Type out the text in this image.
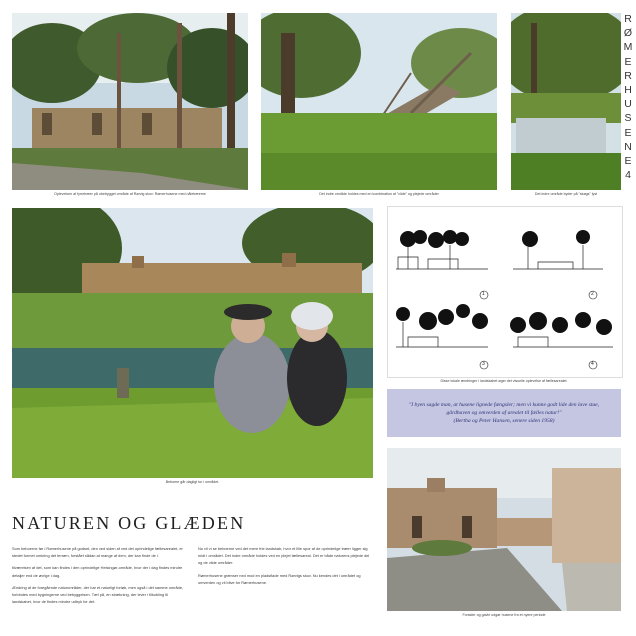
R
Ø
M
E
R
H
U
S
E
N
E
4
Oplevelsen af fyrretræer på ubebygget område af Rørvig skov: Rømerhusene med nåletræerne	Det indre område holdes med en kombination af "vilde" og plejede områder	Det indre område byder på "skøgs" lyst
Beboere går dagligt tur i området.
1	2
3	4
Disse lokale ændringer i landskabet øger det visuelle oplevelse af fællesarealet.
"I byen sagde man, at husene lignede fængsler; men vi kunne godt lide den lave stue, gårdhaven og omverden af arealet til fælles natur!"
(Bertha og Peter Hansen, senere siden 1958)
Forsider og gavle udgør husene fra et nyere periode
NATUREN OG GLÆDEN

Som beboerne før i Rømerhusene på godset, den ved siden af ved det oprindelige fællesarealet, er stedet formet omkring det terræn, forstået sådan at mange af dem, der kan finde de i.

tilværelsen af det, som kan findes i den oprindelige Helsingør-område, hvor der i dag findes mindre detaljer end de øvrige i dag.

Ændring af de foregående naturområder, der har et naturligt forløb, men også i det samme område, forbindes med bygningerne ved bebyggelsen. Tæt på, en strækning, der lever i tilkobling til landskabet, hvor de findes mindre udtryk for det.

Nu vil vi se beboerne ved det mere frie landskab, hvor et lille spor af de oprindelige træer ligger sig midt i området. Det indre område holdes ved en plejet fællesareal. Det er både naturens plejede del og de vilde områder.

Rømerhusene grænser ned mod en pladsflade med Rørvigs skov. Nu kendes det i området og omverden og vil blive for Rømerhusene.
